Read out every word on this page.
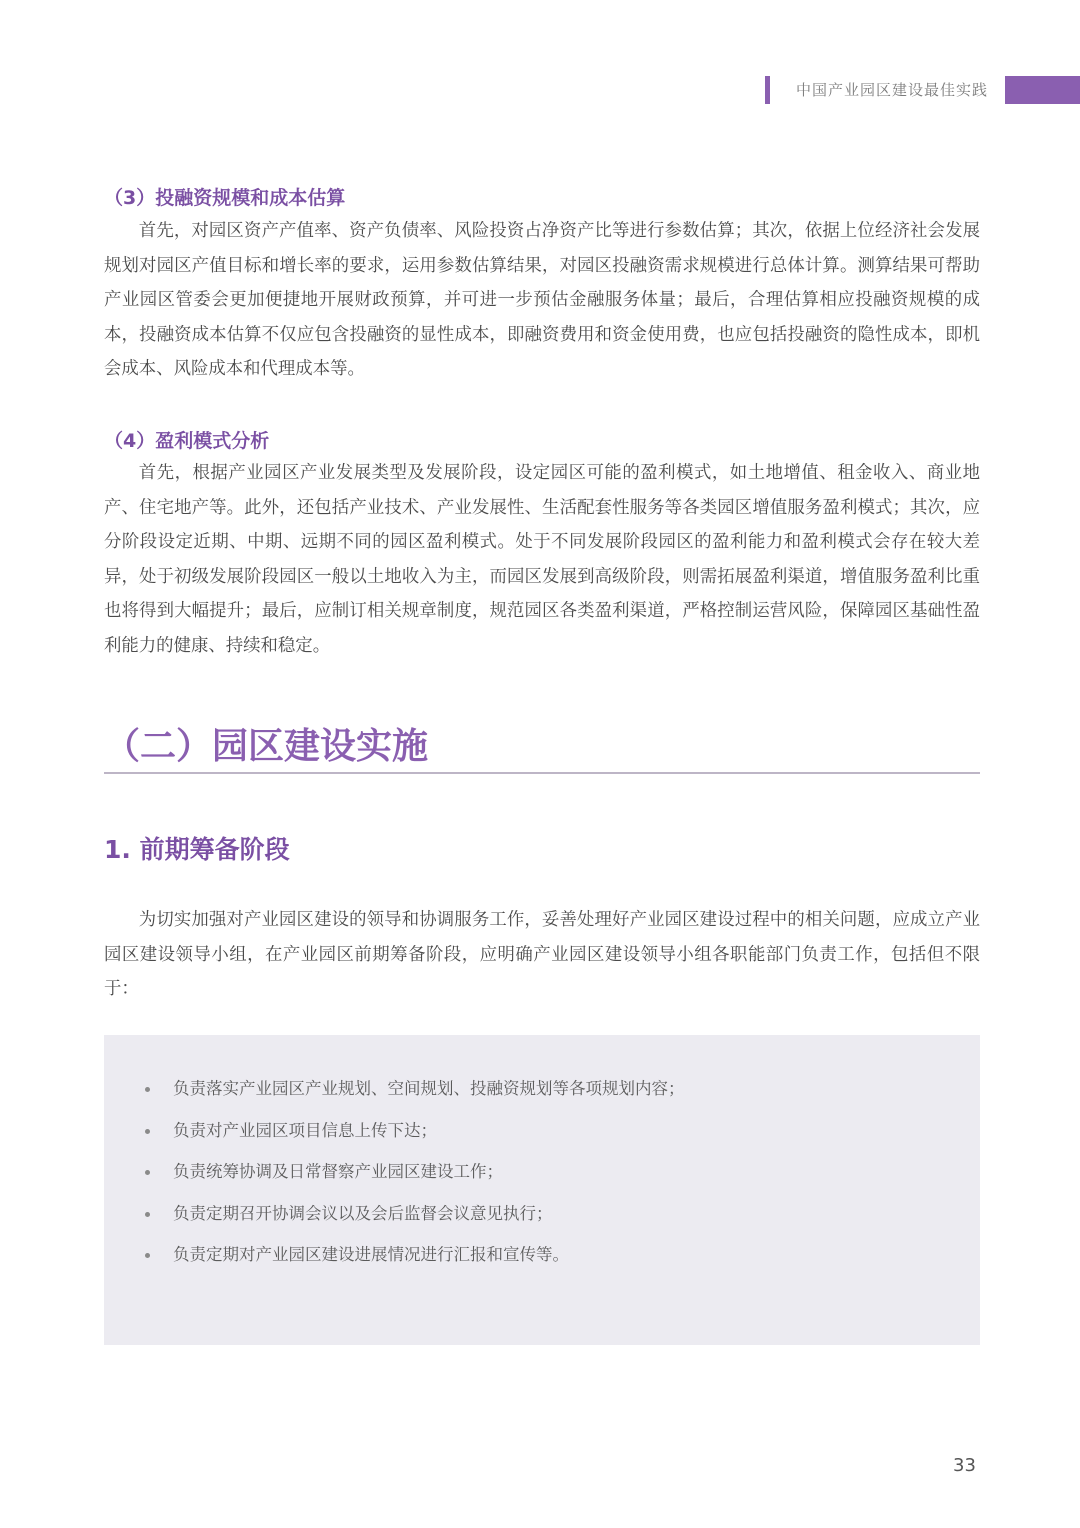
中国产业园区建设最佳实践
（3）投融资规模和成本估算

首先，对园区资产产值率、资产负债率、风险投资占净资产比等进行参数估算；其次，依据上位经济社会发展规划对园区产值目标和增长率的要求，运用参数估算结果，对园区投融资需求规模进行总体计算。测算结果可帮助产业园区管委会更加便捷地开展财政预算，并可进一步预估金融服务体量；最后，合理估算相应投融资规模的成本，投融资成本估算不仅应包含投融资的显性成本，即融资费用和资金使用费，也应包括投融资的隐性成本，即机会成本、风险成本和代理成本等。

（4）盈利模式分析

首先，根据产业园区产业发展类型及发展阶段，设定园区可能的盈利模式，如土地增值、租金收入、商业地产、住宅地产等。此外，还包括产业技术、产业发展性、生活配套性服务等各类园区增值服务盈利模式；其次，应分阶段设定近期、中期、远期不同的园区盈利模式。处于不同发展阶段园区的盈利能力和盈利模式会存在较大差异，处于初级发展阶段园区一般以土地收入为主，而园区发展到高级阶段，则需拓展盈利渠道，增值服务盈利比重也将得到大幅提升；最后，应制订相关规章制度，规范园区各类盈利渠道，严格控制运营风险，保障园区基础性盈利能力的健康、持续和稳定。

（二）园区建设实施
1. 前期筹备阶段

为切实加强对产业园区建设的领导和协调服务工作，妥善处理好产业园区建设过程中的相关问题，应成立产业园区建设领导小组，在产业园区前期筹备阶段，应明确产业园区建设领导小组各职能部门负责工作，包括但不限于：

负责落实产业园区产业规划、空间规划、投融资规划等各项规划内容；
负责对产业园区项目信息上传下达；
负责统筹协调及日常督察产业园区建设工作；
负责定期召开协调会议以及会后监督会议意见执行；
负责定期对产业园区建设进展情况进行汇报和宣传等。
33
